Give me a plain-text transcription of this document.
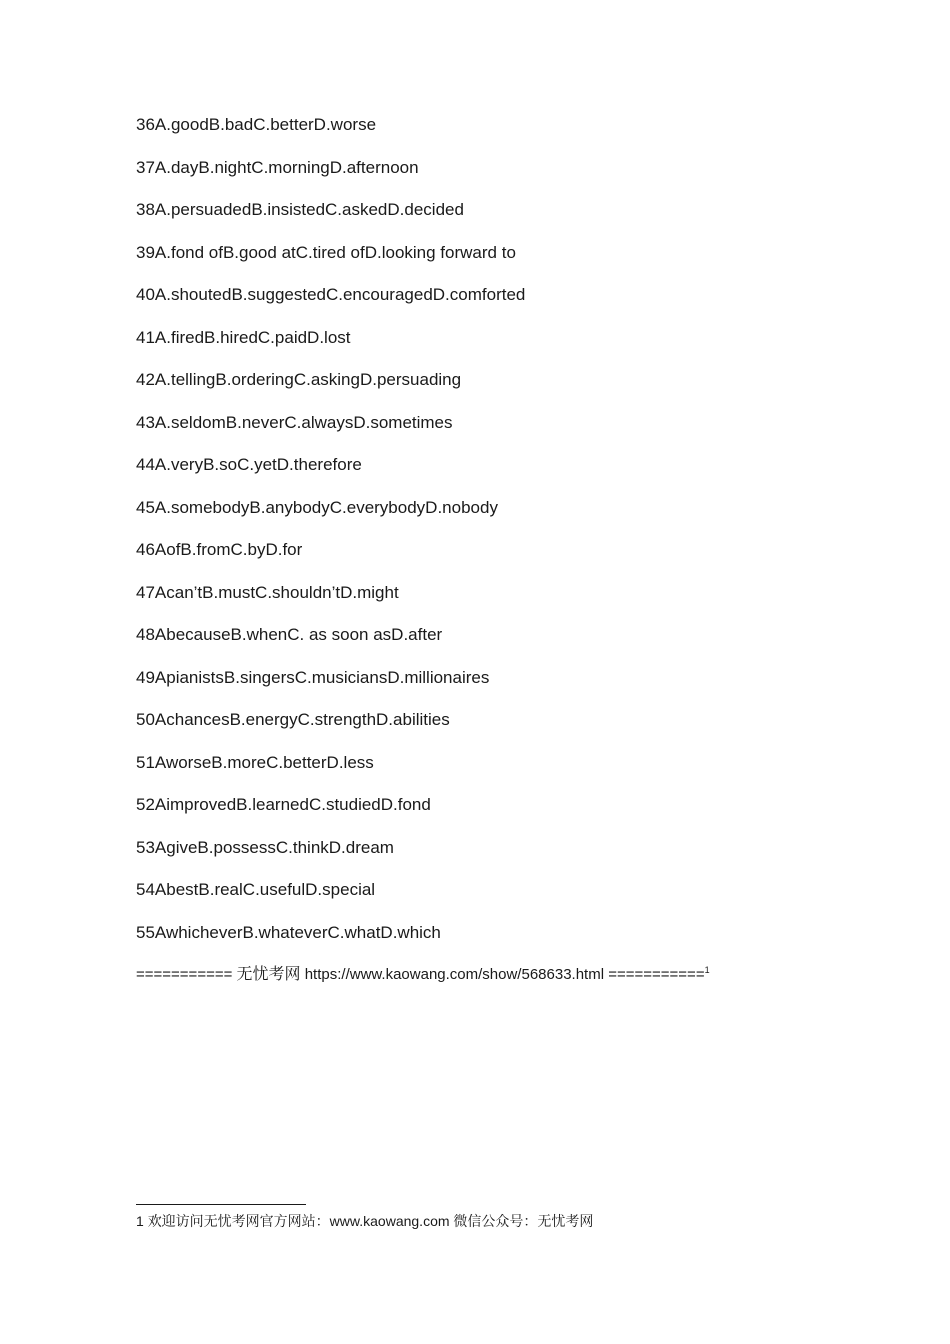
36A.goodB.badC.betterD.worse
37A.dayB.nightC.morningD.afternoon
38A.persuadedB.insistedC.askedD.decided
39A.fond ofB.good atC.tired ofD.looking forward to
40A.shoutedB.suggestedC.encouragedD.comforted
41A.firedB.hiredC.paidD.lost
42A.tellingB.orderingC.askingD.persuading
43A.seldomB.neverC.alwaysD.sometimes
44A.veryB.soC.yetD.therefore
45A.somebodyB.anybodyC.everybodyD.nobody
46AofB.fromC.byD.for
47Acan’tB.mustC.shouldn’tD.might
48AbecauseB.whenC. as soon asD.after
49ApianistsB.singersC.musiciansD.millionaires
50AchancesB.energyC.strengthD.abilities
51AworseB.moreC.betterD.less
52AimprovedB.learnedC.studiedD.fond
53AgiveB.possessC.thinkD.dream
54AbestB.realC.usefulD.special
55AwhicheverB.whateverC.whatD.which
=========== 无忧考网 https://www.kaowang.com/show/568633.html ===========$^1$
1 欢迎访问无忧考网官方网站：www.kaowang.com 微信公众号：无忧考网
